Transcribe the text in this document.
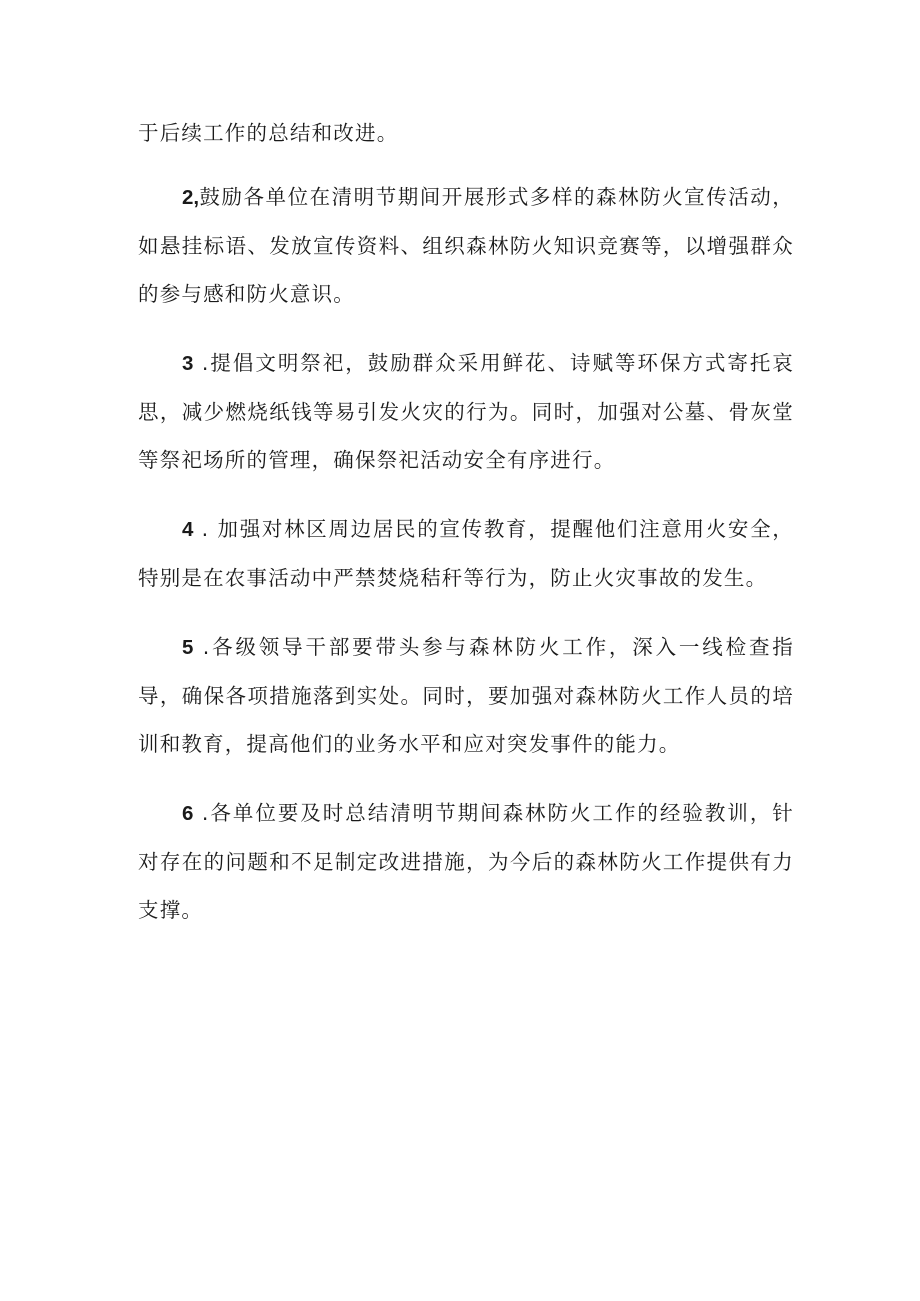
于后续工作的总结和改进。

2,鼓励各单位在清明节期间开展形式多样的森林防火宣传活动，如悬挂标语、发放宣传资料、组织森林防火知识竞赛等，以增强群众的参与感和防火意识。

3 .提倡文明祭祀，鼓励群众采用鲜花、诗赋等环保方式寄托哀思，减少燃烧纸钱等易引发火灾的行为。同时，加强对公墓、骨灰堂等祭祀场所的管理，确保祭祀活动安全有序进行。

4 . 加强对林区周边居民的宣传教育，提醒他们注意用火安全，特别是在农事活动中严禁焚烧秸秆等行为，防止火灾事故的发生。

5 .各级领导干部要带头参与森林防火工作，深入一线检查指导，确保各项措施落到实处。同时，要加强对森林防火工作人员的培训和教育，提高他们的业务水平和应对突发事件的能力。

6 .各单位要及时总结清明节期间森林防火工作的经验教训，针对存在的问题和不足制定改进措施，为今后的森林防火工作提供有力支撑。
